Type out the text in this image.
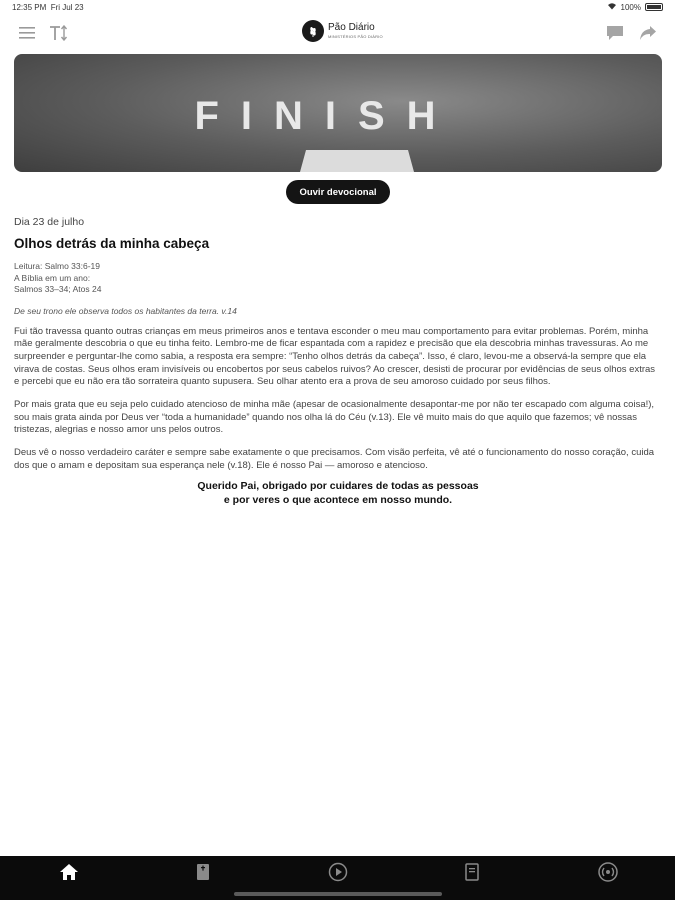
12:35 PM Fri Jul 23	100%
Pão Diário
MINISTÉRIOS PÃO DIÁRIO
FINISH
Ouvir devocional
Dia 23 de julho
Olhos detrás da minha cabeça
Leitura: Salmo 33:6-19
A Bíblia em um ano:
Salmos 33–34; Atos 24
De seu trono ele observa todos os habitantes da terra. v.14

Fui tão travessa quanto outras crianças em meus primeiros anos e tentava esconder o meu mau comportamento para evitar problemas. Porém, minha mãe geralmente descobria o que eu tinha feito. Lembro-me de ficar espantada com a rapidez e precisão que ela descobria minhas travessuras. Ao me surpreender e perguntar-lhe como sabia, a resposta era sempre: “Tenho olhos detrás da cabeça”. Isso, é claro, levou-me a observá-la sempre que ela virava de costas. Seus olhos eram invisíveis ou encobertos por seus cabelos ruivos? Ao crescer, desisti de procurar por evidências de seus olhos extras e percebi que eu não era tão sorrateira quanto supusera. Seu olhar atento era a prova de seu amoroso cuidado por seus filhos.

Por mais grata que eu seja pelo cuidado atencioso de minha mãe (apesar de ocasionalmente desapontar-me por não ter escapado com alguma coisa!), sou mais grata ainda por Deus ver “toda a humanidade” quando nos olha lá do Céu (v.13). Ele vê muito mais do que aquilo que fazemos; vê nossas tristezas, alegrias e nosso amor uns pelos outros.

Deus vê o nosso verdadeiro caráter e sempre sabe exatamente o que precisamos. Com visão perfeita, vê até o funcionamento do nosso coração, cuida dos que o amam e depositam sua esperança nele (v.18). Ele é nosso Pai — amoroso e atencioso.

Querido Pai, obrigado por cuidares de todas as pessoas
e por veres o que acontece em nosso mundo.
